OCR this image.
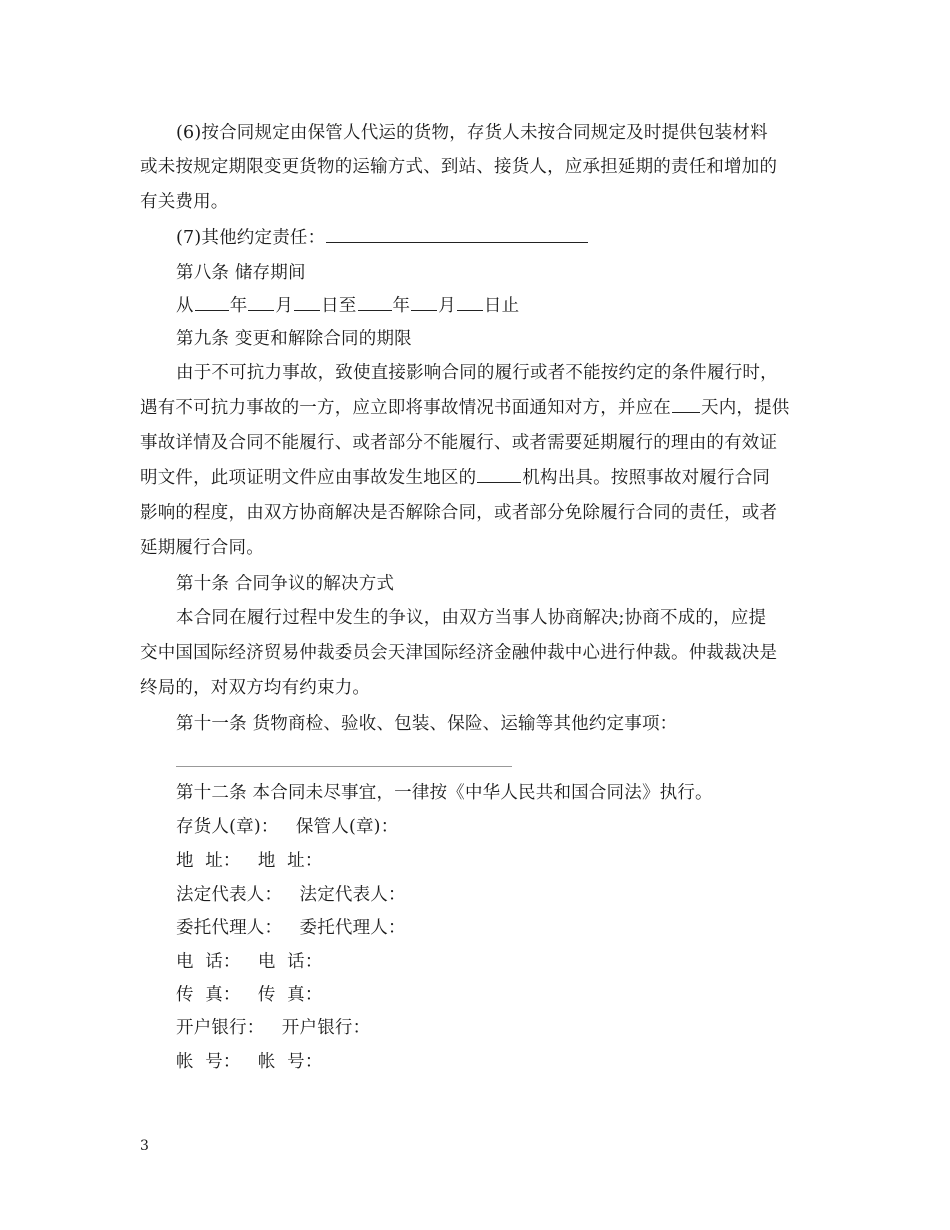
(6)按合同规定由保管人代运的货物，存货人未按合同规定及时提供包装材料
或未按规定期限变更货物的运输方式、到站、接货人，应承担延期的责任和增加的
有关费用。
(7)其他约定责任：
第八条 储存期间
从 年 月 日至 年 月 日止
第九条 变更和解除合同的期限
由于不可抗力事故，致使直接影响合同的履行或者不能按约定的条件履行时，
遇有不可抗力事故的一方，应立即将事故情况书面通知对方，并应在 天内，提供
事故详情及合同不能履行、或者部分不能履行、或者需要延期履行的理由的有效证
明文件，此项证明文件应由事故发生地区的	机构出具。按照事故对履行合同
影响的程度，由双方协商解决是否解除合同，或者部分免除履行合同的责任，或者
延期履行合同。
第十条 合同争议的解决方式
本合同在履行过程中发生的争议，由双方当事人协商解决;协商不成的，应提
交中国国际经济贸易仲裁委员会天津国际经济金融仲裁中心进行仲裁。仲裁裁决是
终局的，对双方均有约束力。
第十一条 货物商检、验收、包装、保险、运输等其他约定事项：
第十二条 本合同未尽事宜，一律按《中华人民共和国合同法》执行。
存货人(章)：   保管人(章)：
地  址：   地  址：
法定代表人：   法定代表人：
委托代理人：   委托代理人：
电  话：   电  话：
传  真：   传  真：
开户银行：   开户银行：
帐  号：   帐  号：
3
